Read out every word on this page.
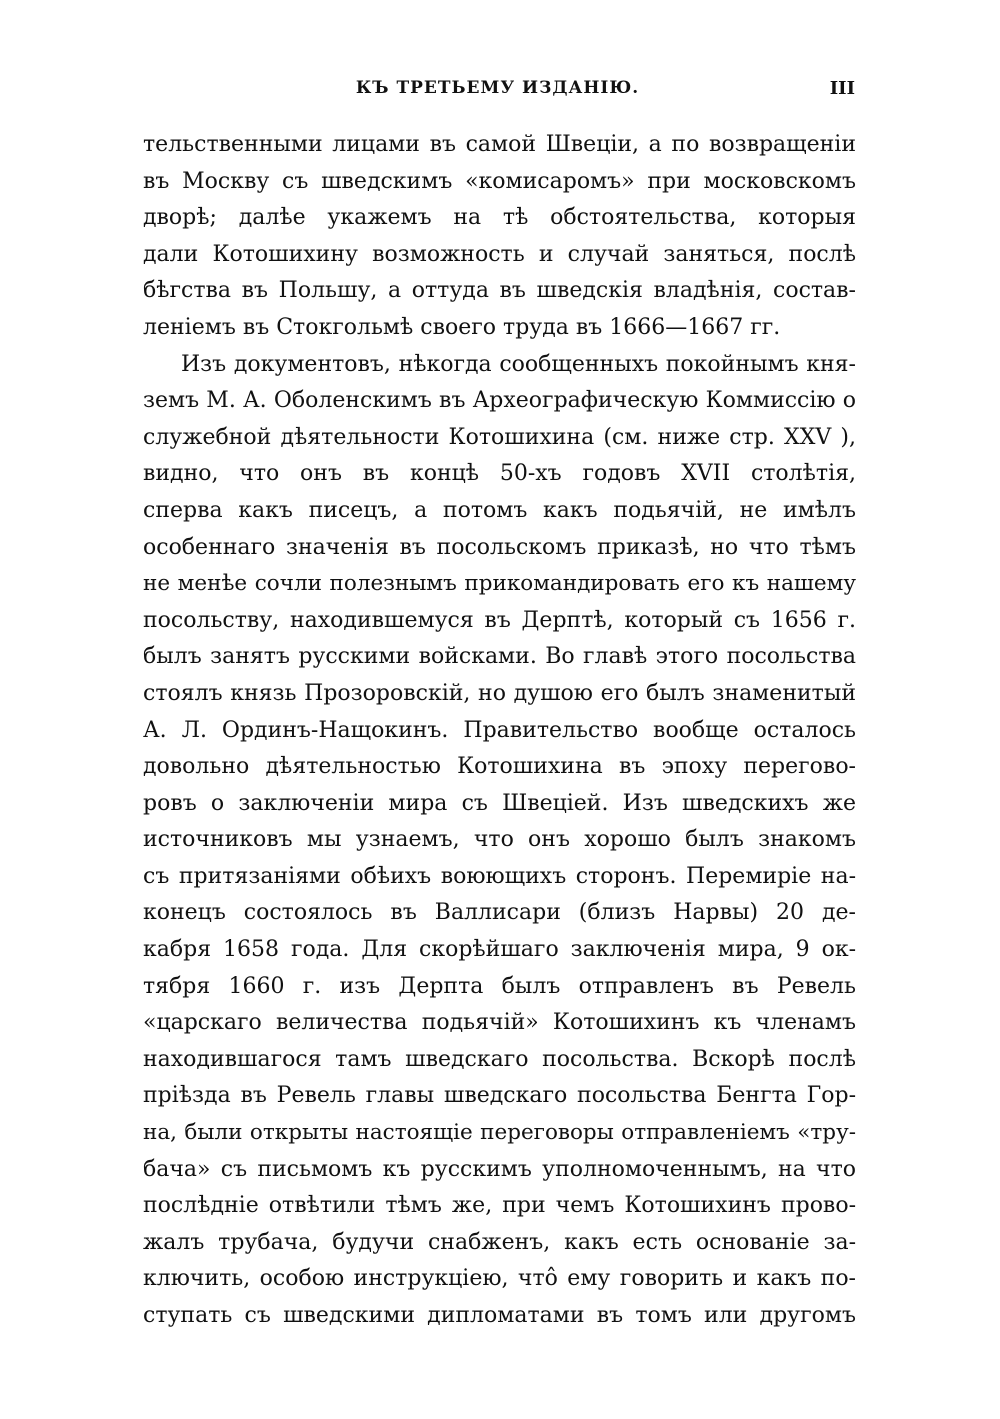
КЪ ТРЕТЬЕМУ ИЗДАНІЮ.	III
тельственными лицами въ самой Швеціи, а по возвращеніи
въ Москву съ шведскимъ «комисаромъ» при московскомъ
дворѣ; далѣе укажемъ на тѣ обстоятельства, которыя
дали Котошихину возможность и случай заняться, послѣ
бѣгства въ Польшу, а оттуда въ шведскія владѣнія, состав-
леніемъ въ Стокгольмѣ своего труда въ 1666—1667 гг.
Изъ документовъ, нѣкогда сообщенныхъ покойнымъ кня-
земъ М. А. Оболенскимъ въ Археографическую Коммиссію о
служебной дѣятельности Котошихина (см. ниже стр. XXV ),
видно, что онъ въ концѣ 50-хъ годовъ XVII столѣтія,
сперва какъ писецъ, а потомъ какъ подьячій, не имѣлъ
особеннаго значенія въ посольскомъ приказѣ, но что тѣмъ
не менѣе сочли полезнымъ прикомандировать его къ нашему
посольству, находившемуся въ Дерптѣ, который съ 1656 г.
былъ занятъ русскими войсками. Во главѣ этого посольства
стоялъ князь Прозоровскій, но душою его былъ знаменитый
А. Л. Ординъ-Нащокинъ. Правительство вообще осталось
довольно дѣятельностью Котошихина въ эпоху перегово-
ровъ о заключеніи мира съ Швеціей. Изъ шведскихъ же
источниковъ мы узнаемъ, что онъ хорошо былъ знакомъ
съ притязаніями обѣихъ воюющихъ сторонъ. Перемиріе на-
конецъ состоялось въ Валлисари (близъ Нарвы) 20 де-
кабря 1658 года. Для скорѣйшаго заключенія мира, 9 ок-
тября 1660 г. изъ Дерпта былъ отправленъ въ Ревель
«царскаго величества подьячій» Котошихинъ къ членамъ
находившагося тамъ шведскаго посольства. Вскорѣ послѣ
пріѣзда въ Ревель главы шведскаго посольства Бенгта Гор-
на, были открыты настоящіе переговоры отправленіемъ «тру-
бача» съ письмомъ къ русскимъ уполномоченнымъ, на что
послѣдніе отвѣтили тѣмъ же, при чемъ Котошихинъ прово-
жалъ трубача, будучи снабженъ, какъ есть основаніе за-
ключить, особою инструкціею, что̂ ему говорить и какъ по-
ступать съ шведскими дипломатами въ томъ или другомъ
